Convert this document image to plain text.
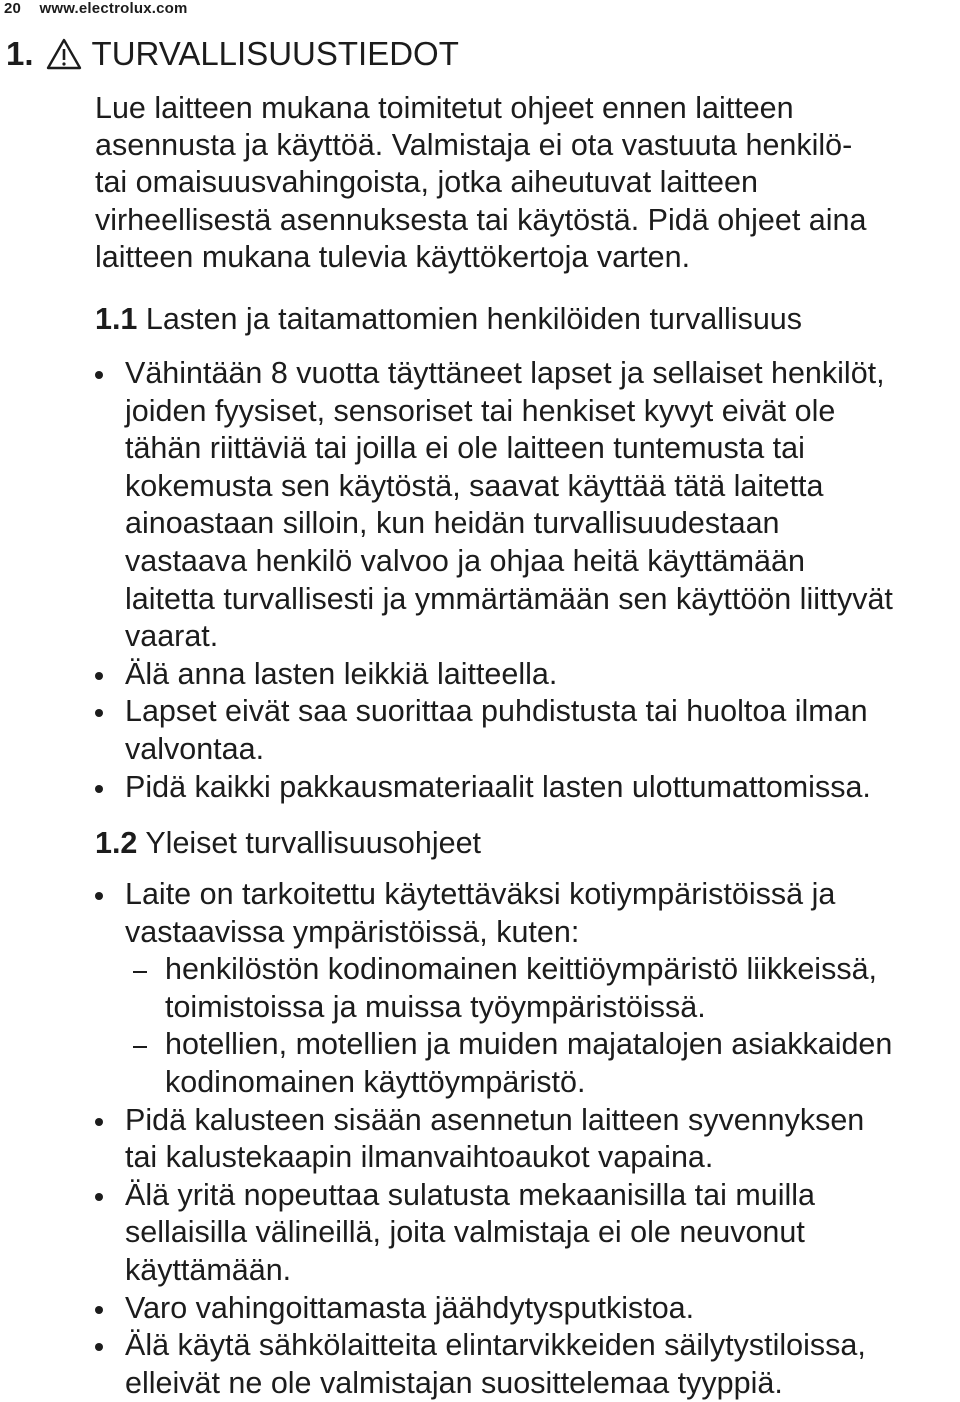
20 www.electrolux.com
1. TURVALLISUUSTIEDOT
Lue laitteen mukana toimitetut ohjeet ennen laitteen
asennusta ja käyttöä. Valmistaja ei ota vastuuta henkilö-
tai omaisuusvahingoista, jotka aiheutuvat laitteen
virheellisestä asennuksesta tai käytöstä. Pidä ohjeet aina
laitteen mukana tulevia käyttökertoja varten.
1.1 Lasten ja taitamattomien henkilöiden turvallisuus
Vähintään 8 vuotta täyttäneet lapset ja sellaiset henkilöt,
joiden fyysiset, sensoriset tai henkiset kyvyt eivät ole
tähän riittäviä tai joilla ei ole laitteen tuntemusta tai
kokemusta sen käytöstä, saavat käyttää tätä laitetta
ainoastaan silloin, kun heidän turvallisuudestaan
vastaava henkilö valvoo ja ohjaa heitä käyttämään
laitetta turvallisesti ja ymmärtämään sen käyttöön liittyvät
vaarat.
Älä anna lasten leikkiä laitteella.
Lapset eivät saa suorittaa puhdistusta tai huoltoa ilman
valvontaa.
Pidä kaikki pakkausmateriaalit lasten ulottumattomissa.
1.2 Yleiset turvallisuusohjeet
Laite on tarkoitettu käytettäväksi kotiympäristöissä ja
vastaavissa ympäristöissä, kuten:
henkilöstön kodinomainen keittiöympäristö liikkeissä,
toimistoissa ja muissa työympäristöissä.
hotellien, motellien ja muiden majatalojen asiakkaiden
kodinomainen käyttöympäristö.
Pidä kalusteen sisään asennetun laitteen syvennyksen
tai kalustekaapin ilmanvaihtoaukot vapaina.
Älä yritä nopeuttaa sulatusta mekaanisilla tai muilla
sellaisilla välineillä, joita valmistaja ei ole neuvonut
käyttämään.
Varo vahingoittamasta jäähdytysputkistoa.
Älä käytä sähkölaitteita elintarvikkeiden säilytystiloissa,
elleivät ne ole valmistajan suosittelemaa tyyppiä.
